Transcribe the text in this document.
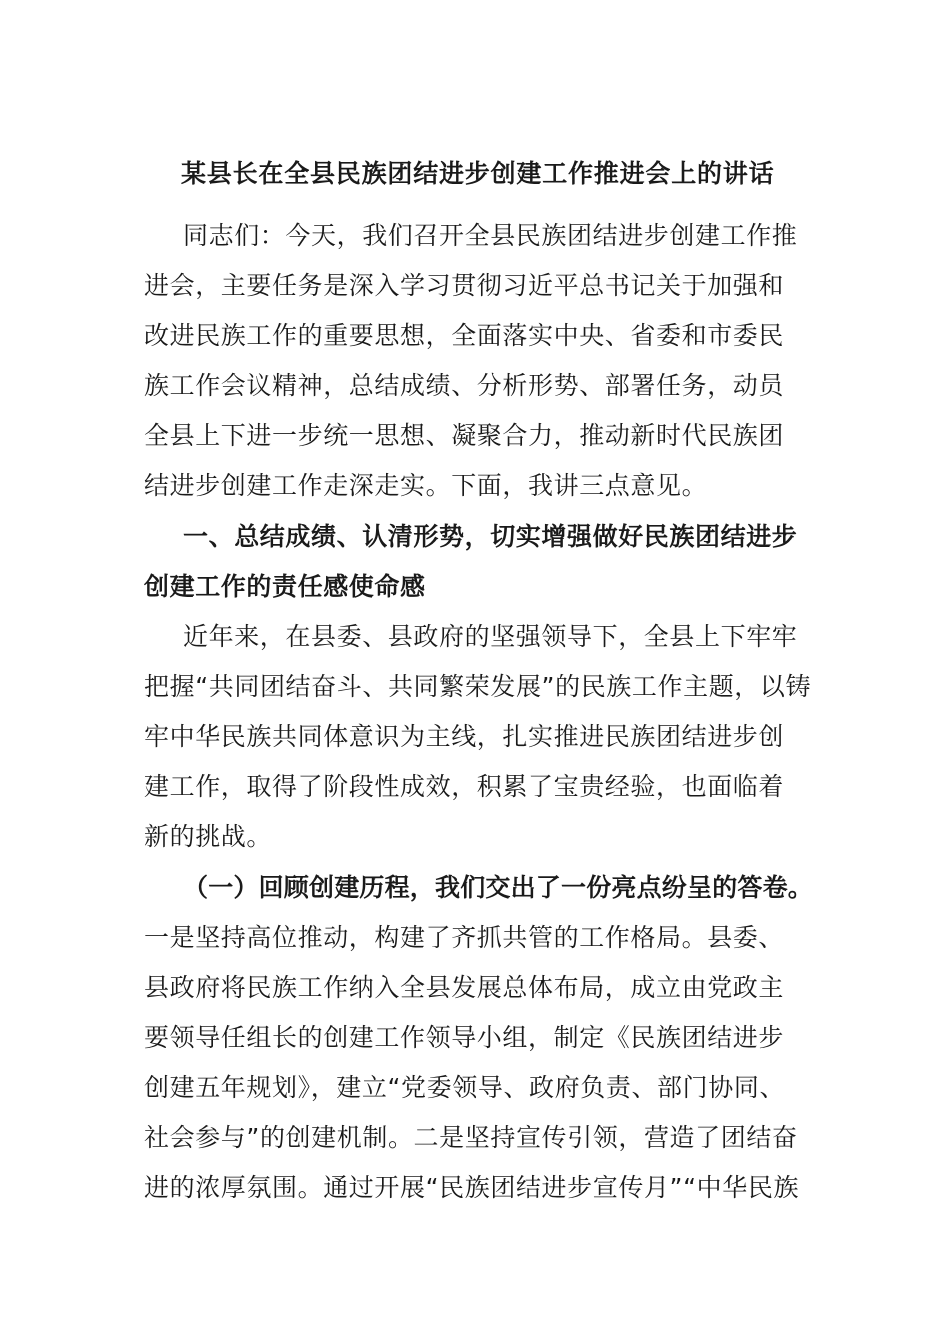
某县长在全县民族团结进步创建工作推进会上的讲话
同志们：今天，我们召开全县民族团结进步创建工作推
进会，主要任务是深入学习贯彻习近平总书记关于加强和
改进民族工作的重要思想，全面落实中央、省委和市委民
族工作会议精神，总结成绩、分析形势、部署任务，动员
全县上下进一步统一思想、凝聚合力，推动新时代民族团
结进步创建工作走深走实。下面，我讲三点意见。
一、总结成绩、认清形势，切实增强做好民族团结进步
创建工作的责任感使命感
近年来，在县委、县政府的坚强领导下，全县上下牢牢
把握“共同团结奋斗、共同繁荣发展”的民族工作主题，以铸
牢中华民族共同体意识为主线，扎实推进民族团结进步创
建工作，取得了阶段性成效，积累了宝贵经验，也面临着
新的挑战。
（一）回顾创建历程，我们交出了一份亮点纷呈的答卷。
一是坚持高位推动，构建了齐抓共管的工作格局。县委、
县政府将民族工作纳入全县发展总体布局，成立由党政主
要领导任组长的创建工作领导小组，制定《民族团结进步
创建五年规划》，建立“党委领导、政府负责、部门协同、
社会参与”的创建机制。二是坚持宣传引领，营造了团结奋
进的浓厚氛围。通过开展“民族团结进步宣传月”“中华民族
